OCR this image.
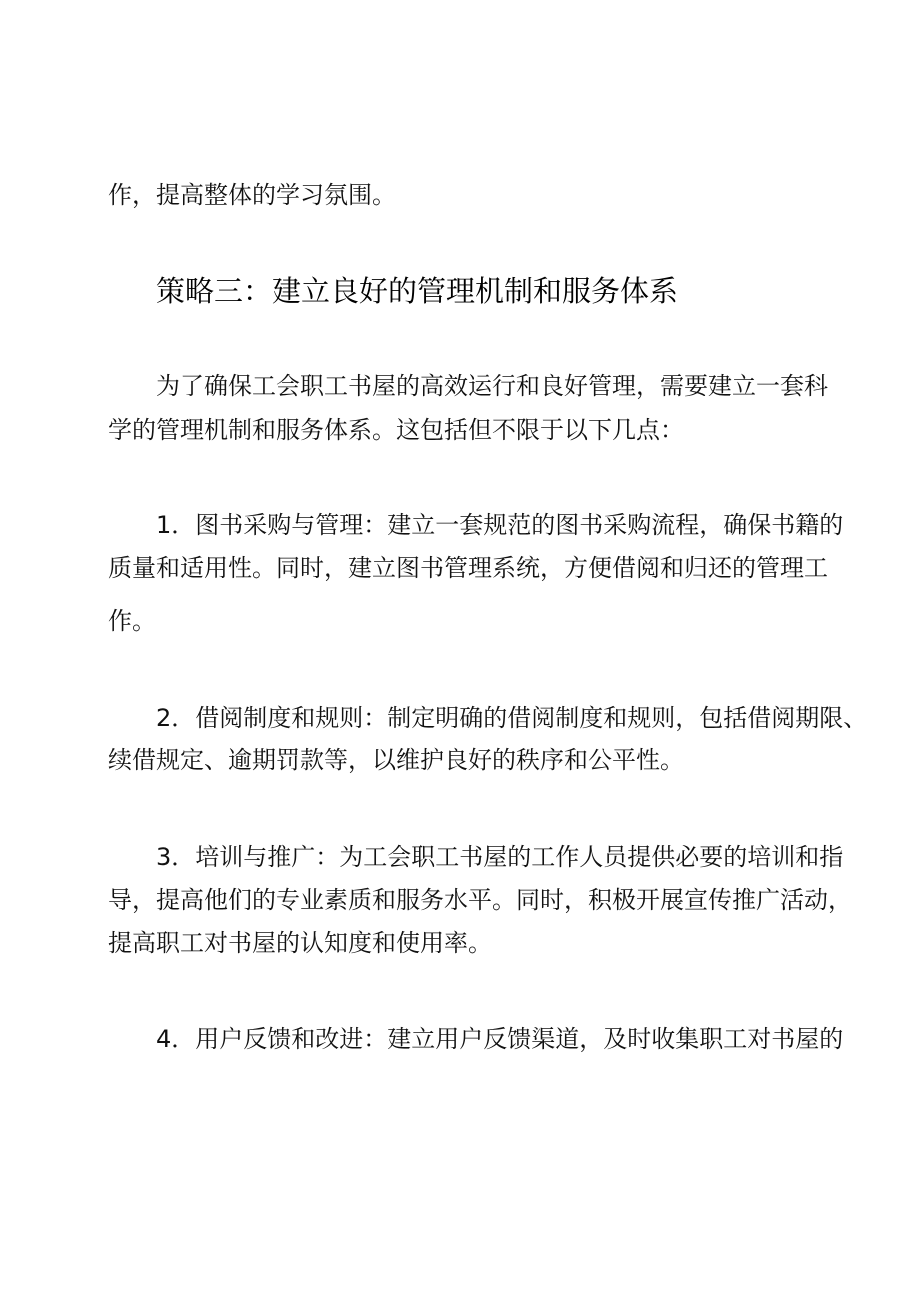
作，提高整体的学习氛围。
策略三：建立良好的管理机制和服务体系
为了确保工会职工书屋的高效运行和良好管理，需要建立一套科
学的管理机制和服务体系。这包括但不限于以下几点：
1．图书采购与管理：建立一套规范的图书采购流程，确保书籍的
质量和适用性。同时，建立图书管理系统，方便借阅和归还的管理工
作。
2．借阅制度和规则：制定明确的借阅制度和规则，包括借阅期限、
续借规定、逾期罚款等，以维护良好的秩序和公平性。
3．培训与推广：为工会职工书屋的工作人员提供必要的培训和指
导，提高他们的专业素质和服务水平。同时，积极开展宣传推广活动，
提高职工对书屋的认知度和使用率。
4．用户反馈和改进：建立用户反馈渠道，及时收集职工对书屋的
